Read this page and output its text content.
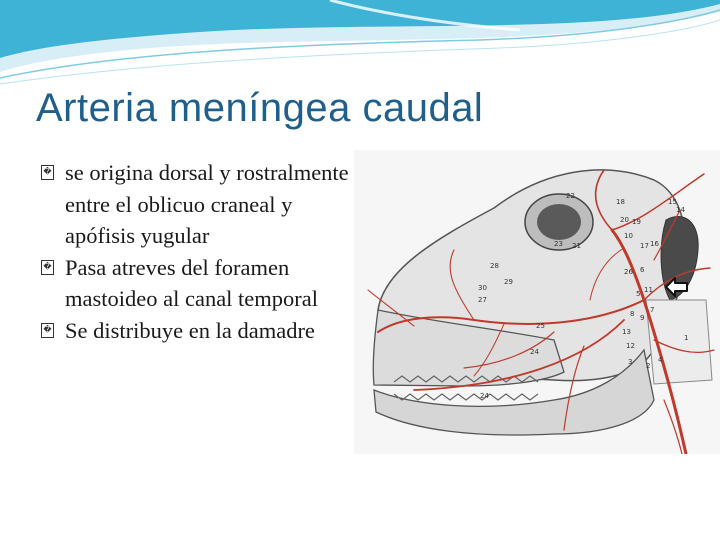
Arteria meníngea caudal
� se origina dorsal y rostralmente entre el oblicuo craneal y apófisis yugular
� Pasa atreves del foramen mastoideo al canal temporal
� Se distribuye en la damadre
22
18
20 19
15
14
17 16
10
23 21
28
29
27
30
24
25
24
26 6
5 11
13
12
3 2
1
4
8 9
7
